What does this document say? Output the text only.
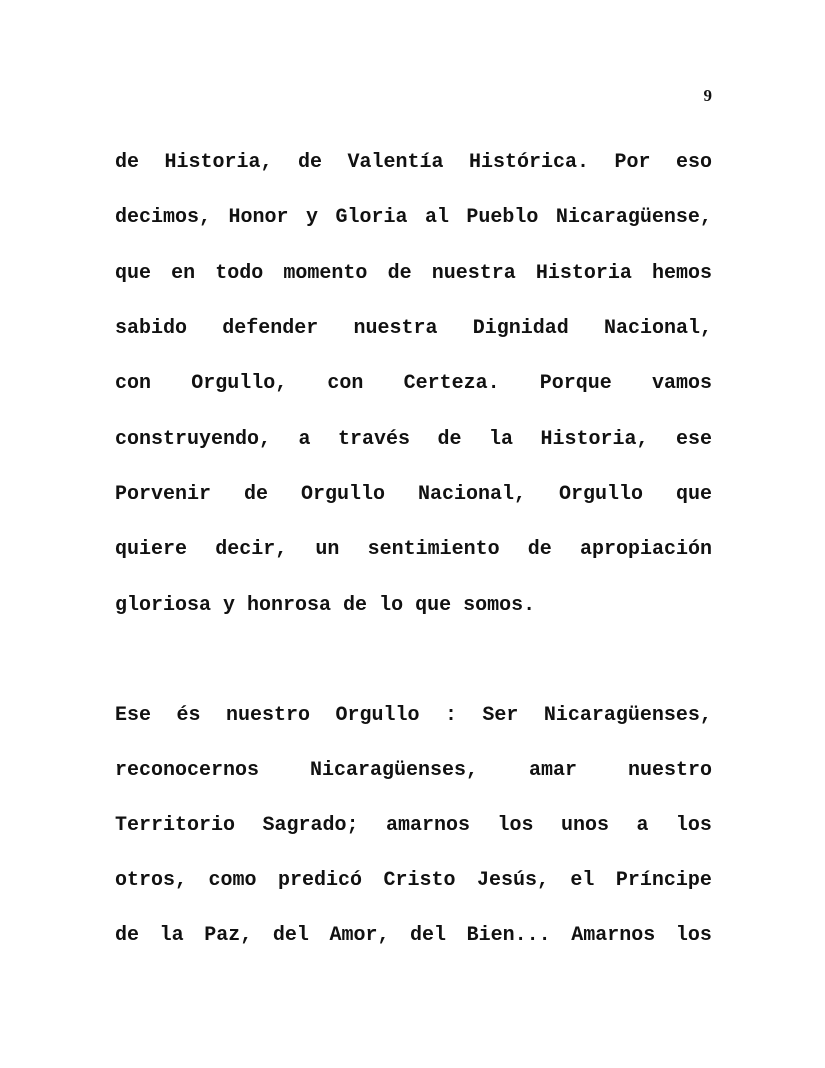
9
de Historia, de Valentía Histórica. Por eso
decimos, Honor y Gloria al Pueblo Nicaragüense,
que en todo momento de nuestra Historia hemos
sabido defender nuestra Dignidad Nacional,
con Orgullo, con Certeza. Porque vamos
construyendo, a través de la Historia, ese
Porvenir de Orgullo Nacional, Orgullo que
quiere decir, un sentimiento de apropiación
gloriosa y honrosa de lo que somos.
Ese és nuestro Orgullo : Ser Nicaragüenses,
reconocernos	Nicaragüenses,	amar	nuestro
Territorio Sagrado; amarnos los unos a los
otros, como predicó Cristo Jesús, el Príncipe
de la Paz, del Amor, del Bien... Amarnos los
